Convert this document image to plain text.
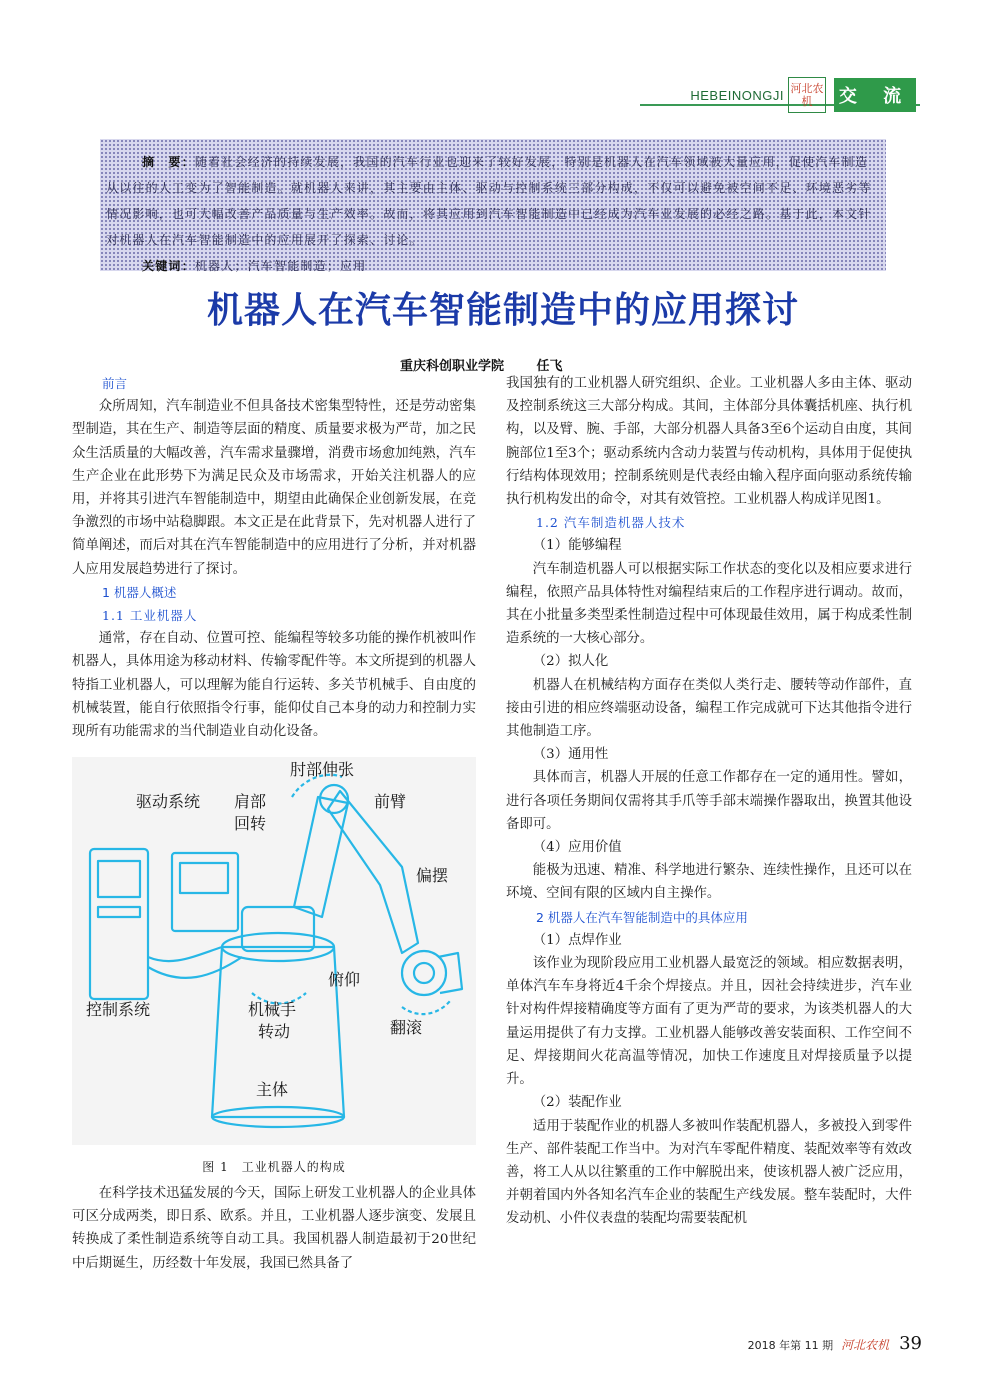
HEBEINONGJI 河北农机	交 流
摘　要：随着社会经济的持续发展，我国的汽车行业也迎来了较好发展，特别是机器人在汽车领域被大量应用，促使汽车制造从以往的人工变为了智能制造。就机器人来讲，其主要由主体、驱动与控制系统三部分构成，不仅可以避免被空间不足、环境恶劣等情况影响，也可大幅改善产品质量与生产效率。故而，将其应用到汽车智能制造中已经成为汽车业发展的必经之路。基于此，本文针对机器人在汽车智能制造中的应用展开了探索、讨论。
关键词：机器人；汽车智能制造；应用
机器人在汽车智能制造中的应用探讨
重庆科创职业学院	任飞

前言

众所周知，汽车制造业不但具备技术密集型特性，还是劳动密集型制造，其在生产、制造等层面的精度、质量要求极为严苛，加之民众生活质量的大幅改善，汽车需求量骤增，消费市场愈加纯熟，汽车生产企业在此形势下为满足民众及市场需求，开始关注机器人的应用，并将其引进汽车智能制造中，期望由此确保企业创新发展，在竞争激烈的市场中站稳脚跟。本文正是在此背景下，先对机器人进行了简单阐述，而后对其在汽车智能制造中的应用进行了分析，并对机器人应用发展趋势进行了探讨。

1 机器人概述

1.1 工业机器人

通常，存在自动、位置可控、能编程等较多功能的操作机被叫作机器人，具体用途为移动材料、传输零配件等。本文所提到的机器人特指工业机器人，可以理解为能自行运转、多关节机械手、自由度的机械装置，能自行依照指令行事，能仰仗自己本身的动力和控制力实现所有功能需求的当代制造业自动化设备。

肘部伸张
驱动系统 肩部
回转
前臂
偏摆
俯仰
控制系统	机械手
转动	翻滚
主体
图 1　工业机器人的构成

在科学技术迅猛发展的今天，国际上研发工业机器人的企业具体可区分成两类，即日系、欧系。并且，工业机器人逐步演变、发展且转换成了柔性制造系统等自动工具。我国机器人制造最初于20世纪中后期诞生，历经数十年发展，我国已然具备了

我国独有的工业机器人研究组织、企业。工业机器人多由主体、驱动及控制系统这三大部分构成。其间，主体部分具体囊括机座、执行机构，以及臂、腕、手部，大部分机器人具备3至6个运动自由度，其间腕部位1至3个；驱动系统内含动力装置与传动机构，具体用于促使执行结构体现效用；控制系统则是代表经由输入程序面向驱动系统传输执行机构发出的命令，对其有效管控。工业机器人构成详见图1。

1.2 汽车制造机器人技术

（1）能够编程

汽车制造机器人可以根据实际工作状态的变化以及相应要求进行编程，依照产品具体特性对编程结束后的工作程序进行调动。故而，其在小批量多类型柔性制造过程中可体现最佳效用，属于构成柔性制造系统的一大核心部分。

（2）拟人化

机器人在机械结构方面存在类似人类行走、腰转等动作部件，直接由引进的相应终端驱动设备，编程工作完成就可下达其他指令进行其他制造工序。

（3）通用性

具体而言，机器人开展的任意工作都存在一定的通用性。譬如，进行各项任务期间仅需将其手爪等手部末端操作器取出，换置其他设备即可。

（4）应用价值

能极为迅速、精准、科学地进行繁杂、连续性操作，且还可以在环境、空间有限的区域内自主操作。

2 机器人在汽车智能制造中的具体应用

（1）点焊作业

该作业为现阶段应用工业机器人最宽泛的领域。相应数据表明，单体汽车车身将近4千余个焊接点。并且，因社会持续进步，汽车业针对构件焊接精确度等方面有了更为严苛的要求，为该类机器人的大量运用提供了有力支撑。工业机器人能够改善安装面积、工作空间不足、焊接期间火花高温等情况，加快工作速度且对焊接质量予以提升。

（2）装配作业

适用于装配作业的机器人多被叫作装配机器人，多被投入到零件生产、部件装配工作当中。为对汽车零配件精度、装配效率等有效改善，将工人从以往繁重的工作中解脱出来，使该机器人被广泛应用，并朝着国内外各知名汽车企业的装配生产线发展。整车装配时，大件发动机、小件仪表盘的装配均需要装配机

2018 年第 11 期 河北农机 39
